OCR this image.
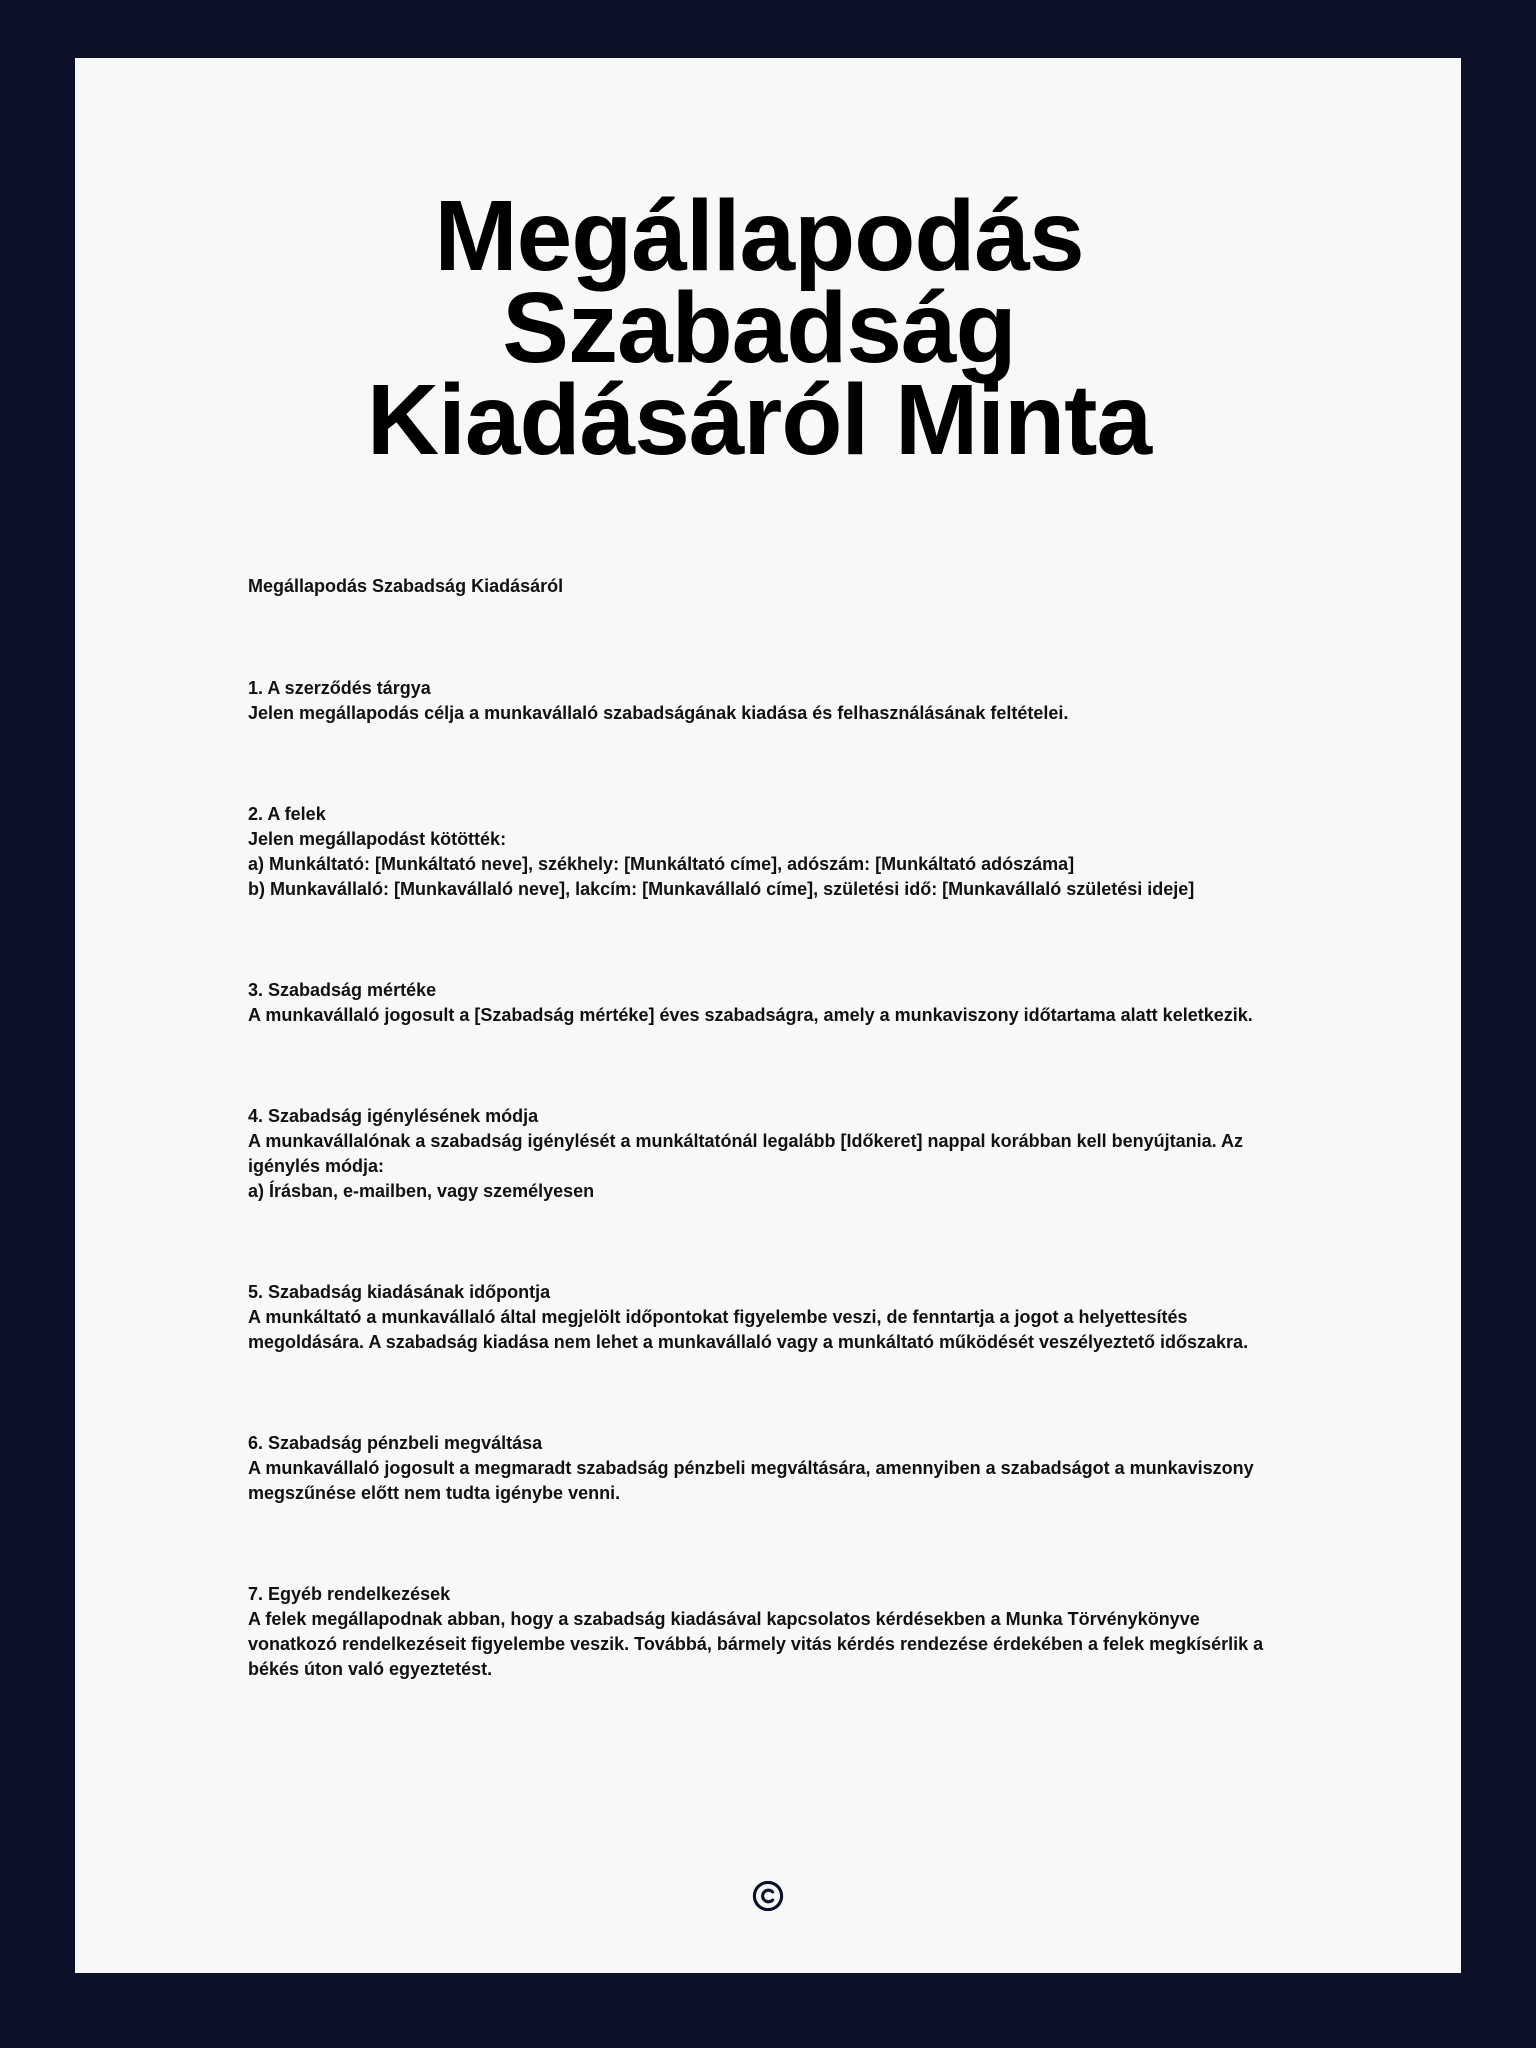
Megállapodás Szabadság Kiadásáról Minta
Megállapodás Szabadság Kiadásáról
1. A szerződés tárgya
Jelen megállapodás célja a munkavállaló szabadságának kiadása és felhasználásának feltételei.
2. A felek
Jelen megállapodást kötötték:
a) Munkáltató: [Munkáltató neve], székhely: [Munkáltató címe], adószám: [Munkáltató adószáma]
b) Munkavállaló: [Munkavállaló neve], lakcím: [Munkavállaló címe], születési idő: [Munkavállaló születési ideje]
3. Szabadság mértéke
A munkavállaló jogosult a [Szabadság mértéke] éves szabadságra, amely a munkaviszony időtartama alatt keletkezik.
4. Szabadság igénylésének módja
A munkavállalónak a szabadság igénylését a munkáltatónál legalább [Időkeret] nappal korábban kell benyújtania. Az igénylés módja:
a) Írásban, e-mailben, vagy személyesen
5. Szabadság kiadásának időpontja
A munkáltató a munkavállaló által megjelölt időpontokat figyelembe veszi, de fenntartja a jogot a helyettesítés megoldására. A szabadság kiadása nem lehet a munkavállaló vagy a munkáltató működését veszélyeztető időszakra.
6. Szabadság pénzbeli megváltása
A munkavállaló jogosult a megmaradt szabadság pénzbeli megváltására, amennyiben a szabadságot a munkaviszony megszűnése előtt nem tudta igénybe venni.
7. Egyéb rendelkezések
A felek megállapodnak abban, hogy a szabadság kiadásával kapcsolatos kérdésekben a Munka Törvénykönyve vonatkozó rendelkezéseit figyelembe veszik. Továbbá, bármely vitás kérdés rendezése érdekében a felek megkísérlik a békés úton való egyeztetést.
